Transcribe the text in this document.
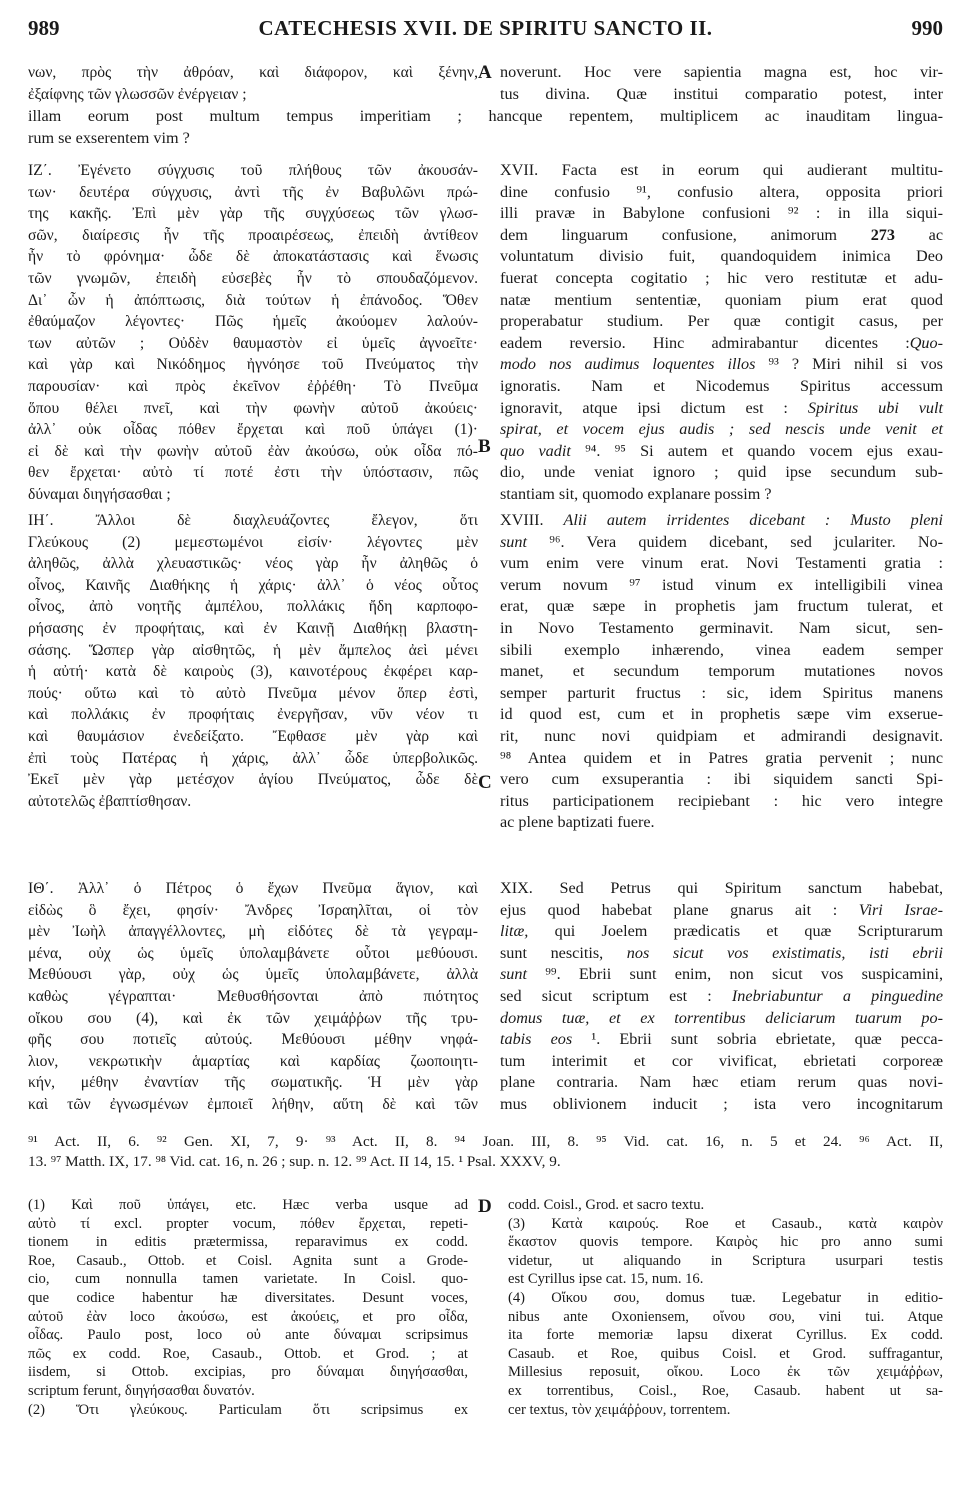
989	CATECHESIS XVII. DE SPIRITU SANCTO II.	990
νων, πρὸς τὴν ἀθρόαν, καὶ διάφορον, καὶ ξένην, A noverunt. Hoc vere sapientia magna est, hoc vir-
ἐξαίφνης τῶν γλωσσῶν ἐνέργειαν ;	tus divina. Quæ institui comparatio potest, inter
illam eorum post multum tempus imperitiam ; hancque repentem, multiplicem ac inauditam lingua-
rum se exserentem vim ?
ΙΖ΄. Ἐγένετο σύγχυσις τοῦ πλήθους τῶν ἀκουσάν-
των· δευτέρα σύγχυσις, ἀντὶ τῆς ἐν Βαβυλῶνι πρώ-
της κακῆς. Ἐπὶ μὲν γὰρ τῆς συγχύσεως τῶν γλωσ-
σῶν, διαίρεσις ἦν τῆς προαιρέσεως, ἐπειδὴ ἀντίθεον
ἦν τὸ φρόνημα· ὧδε δὲ ἀποκατάστασις καὶ ἕνωσις
τῶν γνωμῶν, ἐπειδὴ εὐσεβὲς ἦν τὸ σπουδαζόμενον.
Δι᾿ ὧν ἡ ἀπόπτωσις, διὰ τούτων ἡ ἐπάνοδος. Ὅθεν
ἐθαύμαζον λέγοντες· Πῶς ἡμεῖς ἀκούομεν λαλούν-
των αὐτῶν ; Οὐδὲν θαυμαστὸν εἰ ὑμεῖς ἀγνοεῖτε·
καὶ γὰρ καὶ Νικόδημος ἠγνόησε τοῦ Πνεύματος τὴν
παρουσίαν· καὶ πρὸς ἐκεῖνον ἐῤῥέθη· Τὸ Πνεῦμα
ὅπου θέλει πνεῖ, καὶ τὴν φωνὴν αὐτοῦ ἀκούεις·
ἀλλ᾿ οὐκ οἶδας πόθεν ἔρχεται καὶ ποῦ ὑπάγει (1)·
εἰ δὲ καὶ τὴν φωνὴν αὐτοῦ ἐὰν ἀκούσω, οὐκ οἶδα πό-
θεν ἔρχεται· αὐτὸ τί ποτέ ἐστι τὴν ὑπόστασιν, πῶς
δύναμαι διηγήσασθαι ;
B
XVII. Facta est in eorum qui audierant multitu-
dine confusio ⁹¹, confusio altera, opposita priori
illi pravæ in Babylone confusioni ⁹² : in illa siqui-
dem linguarum confusione, animorum 273 ac
voluntatum divisio fuit, quandoquidem inimica Deo
fuerat concepta cogitatio ; hic vero restitutæ et adu-
natæ mentium sententiæ, quoniam pium erat quod
properabatur studium. Per quæ contigit casus, per
eadem reversio. Hinc admirabantur dicentes :Quo-
modo nos audimus loquentes illos ⁹³ ? Miri nihil si vos
ignoratis. Nam et Nicodemus Spiritus accessum
ignoravit, atque ipsi dictum est : Spiritus ubi vult
spirat, et vocem ejus audis ; sed nescis unde venit et
quo vadit ⁹⁴. ⁹⁵ Si autem et quando vocem ejus exau-
dio, unde veniat ignoro ; quid ipse secundum sub-
stantiam sit, quomodo explanare possim ?
ΙΗ΄. Ἄλλοι δὲ διαχλευάζοντες ἔλεγον, ὅτι
Γλεύκους (2) μεμεστωμένοι εἰσίν· λέγοντες μὲν
ἀληθῶς, ἀλλὰ χλευαστικῶς· νέος γὰρ ἦν ἀληθῶς ὁ
οἶνος, Καινῆς Διαθήκης ἡ χάρις· ἀλλ᾿ ὁ νέος οὗτος
οἶνος, ἀπὸ νοητῆς ἀμπέλου, πολλάκις ἤδη καρποφο-
ρήσασης ἐν προφήταις, καὶ ἐν Καινῇ Διαθήκῃ βλαστη-
σάσης. Ὥσπερ γὰρ αἰσθητῶς, ἡ μὲν ἄμπελος ἀεὶ μένει
ἡ αὐτή· κατὰ δὲ καιροὺς (3), καινοτέρους ἐκφέρει καρ-
πούς· οὕτω καὶ τὸ αὐτὸ Πνεῦμα μένον ὅπερ ἐστὶ,
καὶ πολλάκις ἐν προφήταις ἐνεργῆσαν, νῦν νέον τι
καὶ θαυμάσιον ἐνεδείξατο. Ἔφθασε μὲν γὰρ καὶ
ἐπὶ τοὺς Πατέρας ἡ χάρις, ἀλλ᾿ ὧδε ὑπερβολικῶς.
Ἐκεῖ μὲν γὰρ μετέσχον ἁγίου Πνεύματος, ὧδε δὲ
αὐτοτελῶς ἐβαπτίσθησαν.
C
XVIII. Alii autem irridentes dicebant : Musto pleni
sunt ⁹⁶. Vera quidem dicebant, sed jculariter. No-
vum enim vere vinum erat. Novi Testamenti gratia :
verum novum ⁹⁷ istud vinum ex intelligibili vinea
erat, quæ sæpe in prophetis jam fructum tulerat, et
in Novo Testamento germinavit. Nam sicut, sen-
sibili exemplo inhærendo, vinea eadem semper
manet, et secundum temporum mutationes novos
semper parturit fructus : sic, idem Spiritus manens
id quod est, cum et in prophetis sæpe vim exserue-
rit, nunc novi quidpiam et admirandi designavit.
⁹⁸ Antea quidem et in Patres gratia pervenit ; nunc
vero cum exsuperantia : ibi siquidem sancti Spi-
ritus participationem recipiebant : hic vero integre
ac plene baptizati fuere.
ΙΘ΄. Ἀλλ᾿ ὁ Πέτρος ὁ ἔχων Πνεῦμα ἅγιον, καὶ
εἰδὼς ὃ ἔχει, φησίν· Ἄνδρες Ἰσραηλῖται, οἱ τὸν
μὲν Ἰωὴλ ἀπαγγέλλοντες, μὴ εἰδότες δὲ τὰ γεγραμ-
μένα, οὐχ ὡς ὑμεῖς ὑπολαμβάνετε οὗτοι μεθύουσι.
Μεθύουσι γὰρ, οὐχ ὡς ὑμεῖς ὑπολαμβάνετε, ἀλλὰ
καθὼς γέγραπται· Μεθυσθήσονται ἀπὸ πιότητος
οἴκου σου (4), καὶ ἐκ τῶν χειμάῤῥων τῆς τρυ-
φῆς σου ποτιεῖς αὐτούς. Μεθύουσι μέθην νηφά-
λιον, νεκρωτικὴν ἁμαρτίας καὶ καρδίας ζωοποιητι-
κήν, μέθην ἐναντίαν τῆς σωματικῆς. Ἡ μὲν γὰρ
καὶ τῶν ἐγνωσμένων ἐμποιεῖ λήθην, αὕτη δὲ καὶ τῶν
XIX. Sed Petrus qui Spiritum sanctum habebat,
ejus quod habebat plane gnarus ait : Viri Israe-
litæ, qui Joelem prædicatis et quæ Scripturarum
sunt nescitis, nos sicut vos existimatis, isti ebrii
sunt ⁹⁹. Ebrii sunt enim, non sicut vos suspicamini,
sed sicut scriptum est : Inebriabuntur a pinguedine
domus tuæ, et ex torrentibus deliciarum tuarum po-
tabis eos ¹. Ebrii sunt sobria ebrietate, quæ pecca-
tum interimit et cor vivificat, ebrietati corporeæ
plane contraria. Nam hæc etiam rerum quas novi-
mus oblivionem inducit ; ista vero incognitarum
⁹¹ Act. II, 6. ⁹² Gen. XI, 7, 9· ⁹³ Act. II, 8. ⁹⁴ Joan. III, 8. ⁹⁵ Vid. cat. 16, n. 5 et 24. ⁹⁶ Act. II,
13. ⁹⁷ Matth. IX, 17. ⁹⁸ Vid. cat. 16, n. 26 ; sup. n. 12. ⁹⁹ Act. II 14, 15. ¹ Psal. XXXV, 9.
D
(1) Καὶ ποῦ ὑπάγει, etc. Hæc verba usque ad
αὐτὸ τί excl. propter vocum, πόθεν ἔρχεται, repeti-
tionem in editis prætermissa, reparavimus ex codd.
Roe, Casaub., Ottob. et Coisl. Agnita sunt a Grode-
cio, cum nonnulla tamen varietate. In Coisl. quo-
que codice habentur hæ diversitates. Desunt voces,
αὐτοῦ ἐὰν loco ἀκούσω, est ἀκούεις, et pro οἶδα,
οἶδας. Paulo post, loco οὐ ante δύναμαι scripsimus
πῶς ex codd. Roe, Casaub., Ottob. et Grod. ; at
iisdem, si Ottob. excipias, pro δύναμαι διηγήσασθαι,
scriptum ferunt, διηγήσασθαι δυνατόν.
(2) Ὅτι γλεύκους. Particulam ὅτι scripsimus ex
codd. Coisl., Grod. et sacro textu.
(3) Κατὰ καιρούς. Roe et Casaub., κατὰ καιρὸν
ἕκαστον quovis tempore. Καιρὸς hic pro anno sumi
videtur, ut aliquando in Scriptura usurpari testis
est Cyrillus ipse cat. 15, num. 16.
(4) Οἴκου σου, domus tuæ. Legebatur in editio-
nibus ante Oxoniensem, οἴνου σου, vini tui. Atque
ita forte memoriæ lapsu dixerat Cyrillus. Ex codd.
Casaub. et Roe, quibus Coisl. et Grod. suffragantur,
Millesius reposuit, οἴκου. Loco ἐκ τῶν χειμάῤῥων,
ex torrentibus, Coisl., Roe, Casaub. habent ut sa-
cer textus, τὸν χειμάῤῥουν, torrentem.
